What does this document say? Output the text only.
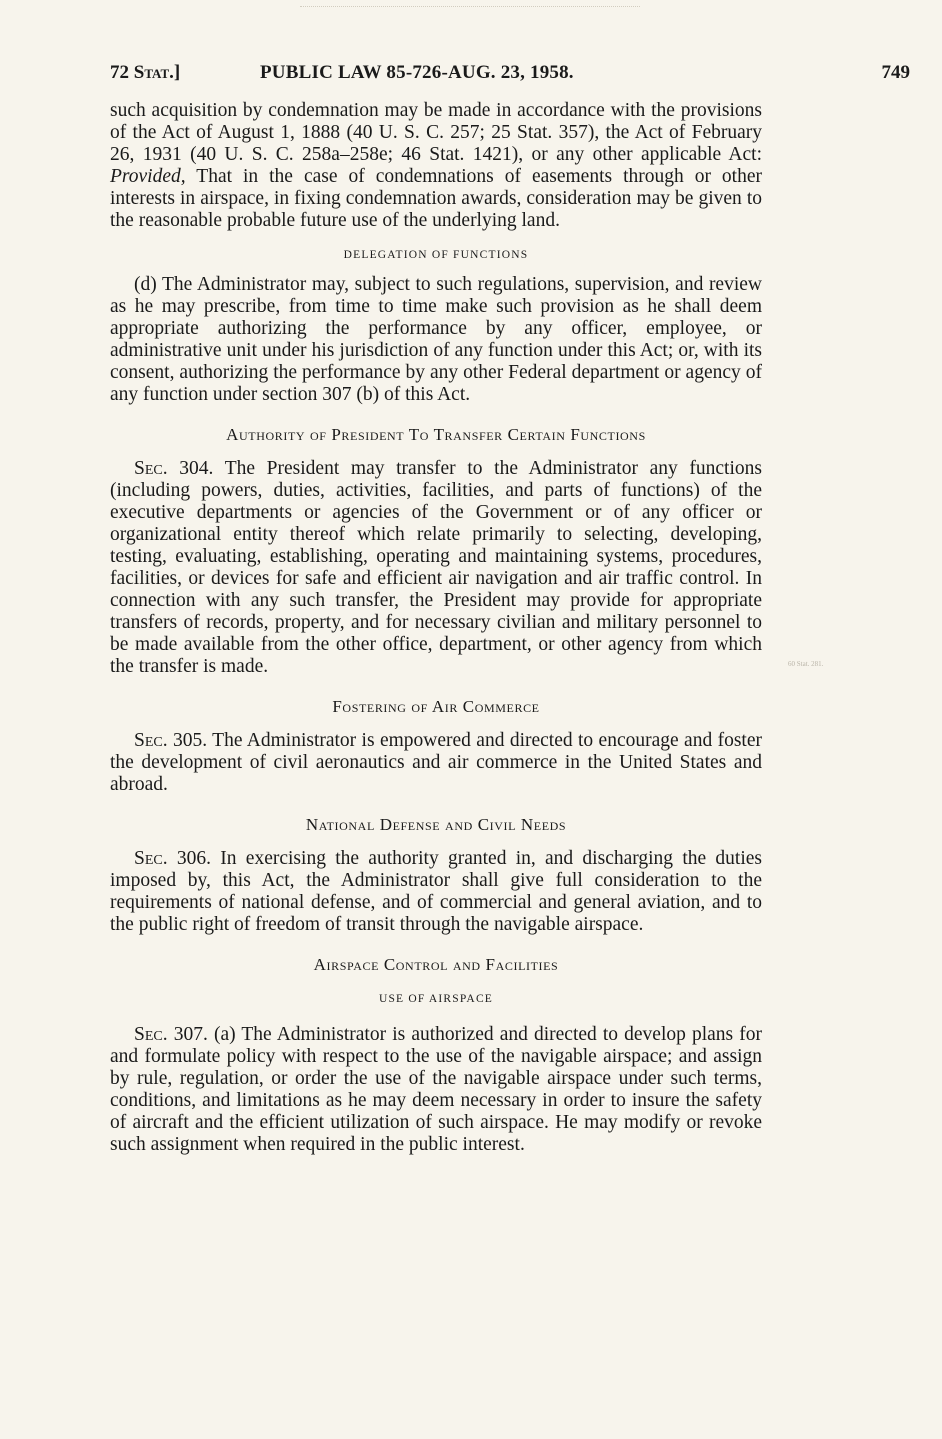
72 Stat.]	PUBLIC LAW 85-726-AUG. 23, 1958.	749

such acquisition by condemnation may be made in accordance with the provisions of the Act of August 1, 1888 (40 U. S. C. 257; 25 Stat. 357), the Act of February 26, 1931 (40 U. S. C. 258a–258e; 46 Stat. 1421), or any other applicable Act: Provided, That in the case of condemnations of easements through or other interests in airspace, in fixing condemnation awards, consideration may be given to the reasonable probable future use of the underlying land.

DELEGATION OF FUNCTIONS

(d) The Administrator may, subject to such regulations, supervision, and review as he may prescribe, from time to time make such provision as he shall deem appropriate authorizing the performance by any officer, employee, or administrative unit under his jurisdiction of any function under this Act; or, with its consent, authorizing the performance by any other Federal department or agency of any function under section 307 (b) of this Act.

Authority of President To Transfer Certain Functions

Sec. 304. The President may transfer to the Administrator any functions (including powers, duties, activities, facilities, and parts of functions) of the executive departments or agencies of the Government or of any officer or organizational entity thereof which relate primarily to selecting, developing, testing, evaluating, establishing, operating and maintaining systems, procedures, facilities, or devices for safe and efficient air navigation and air traffic control. In connection with any such transfer, the President may provide for appropriate transfers of records, property, and for necessary civilian and military personnel to be made available from the other office, department, or other agency from which the transfer is made.

Fostering of Air Commerce

Sec. 305. The Administrator is empowered and directed to encourage and foster the development of civil aeronautics and air commerce in the United States and abroad.

National Defense and Civil Needs

Sec. 306. In exercising the authority granted in, and discharging the duties imposed by, this Act, the Administrator shall give full consideration to the requirements of national defense, and of commercial and general aviation, and to the public right of freedom of transit through the navigable airspace.

Airspace Control and Facilities
USE OF AIRSPACE

Sec. 307. (a) The Administrator is authorized and directed to develop plans for and formulate policy with respect to the use of the navigable airspace; and assign by rule, regulation, or order the use of the navigable airspace under such terms, conditions, and limitations as he may deem necessary in order to insure the safety of aircraft and the efficient utilization of such airspace. He may modify or revoke such assignment when required in the public interest.

60 Stat. 281.
